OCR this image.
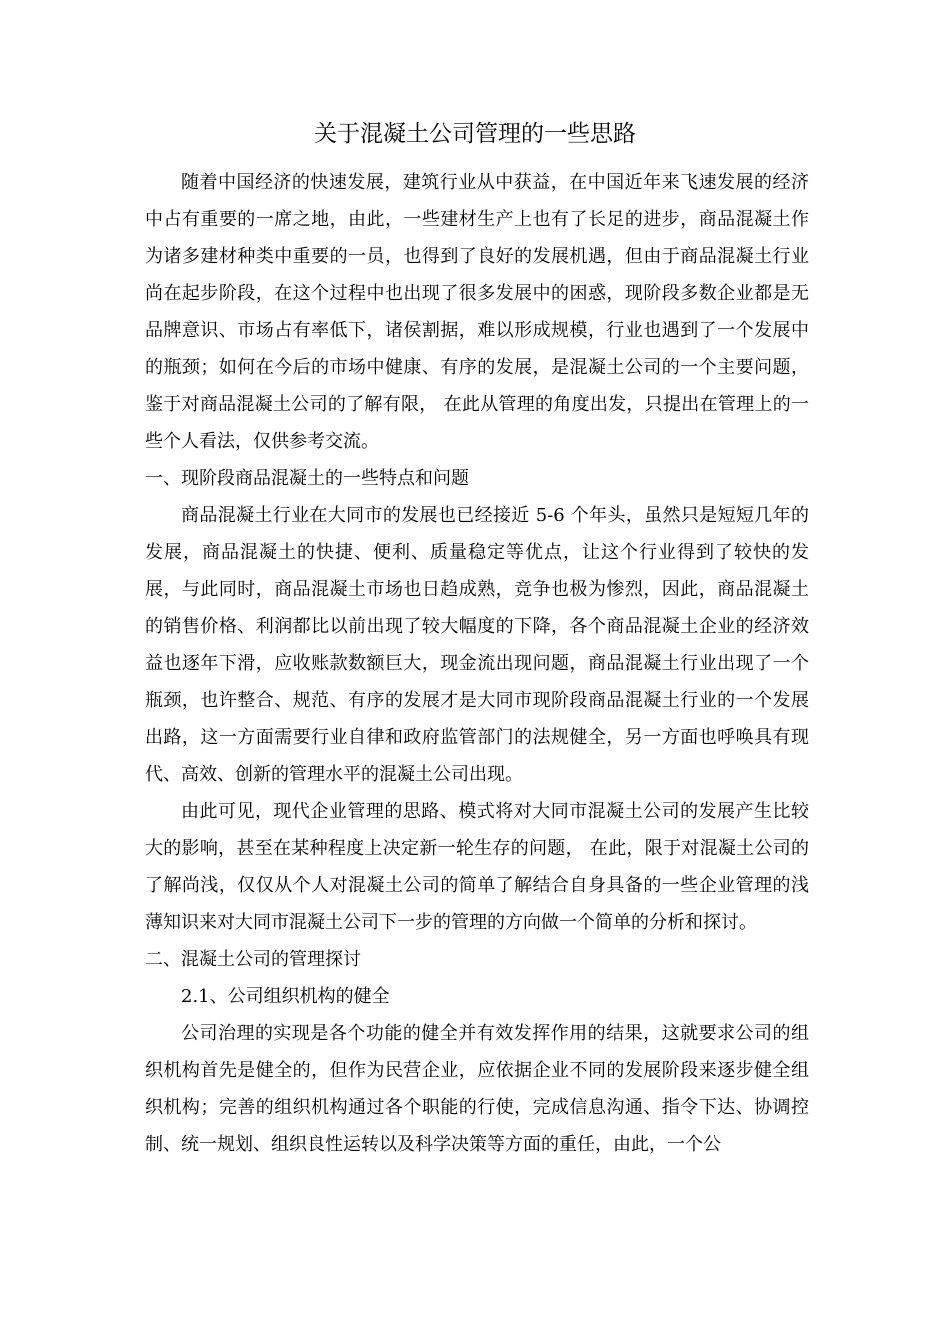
关于混凝土公司管理的一些思路

随着中国经济的快速发展，建筑行业从中获益，在中国近年来飞速发展的经济中占有重要的一席之地，由此，一些建材生产上也有了长足的进步，商品混凝土作为诸多建材种类中重要的一员，也得到了良好的发展机遇，但由于商品混凝土行业尚在起步阶段，在这个过程中也出现了很多发展中的困惑，现阶段多数企业都是无品牌意识、市场占有率低下，诸侯割据，难以形成规模，行业也遇到了一个发展中的瓶颈；如何在今后的市场中健康、有序的发展，是混凝土公司的一个主要问题，鉴于对商品混凝土公司的了解有限， 在此从管理的角度出发，只提出在管理上的一些个人看法，仅供参考交流。

一、现阶段商品混凝土的一些特点和问题

商品混凝土行业在大同市的发展也已经接近 5-6 个年头，虽然只是短短几年的发展，商品混凝土的快捷、便利、质量稳定等优点，让这个行业得到了较快的发展，与此同时，商品混凝土市场也日趋成熟，竞争也极为惨烈，因此，商品混凝土的销售价格、利润都比以前出现了较大幅度的下降，各个商品混凝土企业的经济效益也逐年下滑，应收账款数额巨大，现金流出现问题，商品混凝土行业出现了一个瓶颈，也许整合、规范、有序的发展才是大同市现阶段商品混凝土行业的一个发展出路，这一方面需要行业自律和政府监管部门的法规健全，另一方面也呼唤具有现代、高效、创新的管理水平的混凝土公司出现。

由此可见，现代企业管理的思路、模式将对大同市混凝土公司的发展产生比较大的影响，甚至在某种程度上决定新一轮生存的问题， 在此，限于对混凝土公司的了解尚浅，仅仅从个人对混凝土公司的简单了解结合自身具备的一些企业管理的浅薄知识来对大同市混凝土公司下一步的管理的方向做一个简单的分析和探讨。

二、混凝土公司的管理探讨

2.1、公司组织机构的健全

公司治理的实现是各个功能的健全并有效发挥作用的结果，这就要求公司的组织机构首先是健全的，但作为民营企业，应依据企业不同的发展阶段来逐步健全组织机构；完善的组织机构通过各个职能的行使，完成信息沟通、指令下达、协调控制、统一规划、组织良性运转以及科学决策等方面的重任，由此，一个公
